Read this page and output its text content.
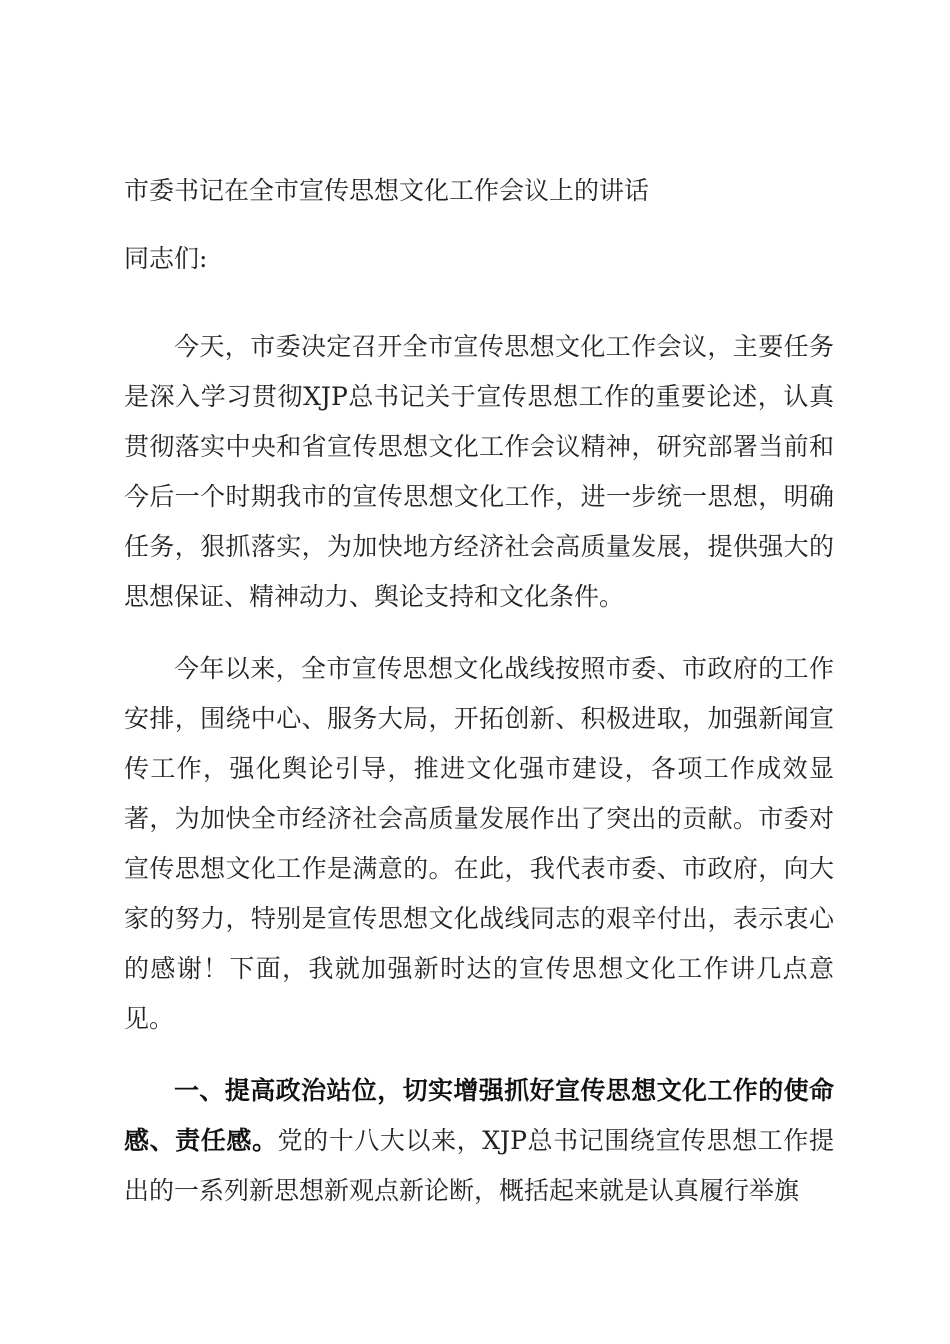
市委书记在全市宣传思想文化工作会议上的讲话

同志们:

今天，市委决定召开全市宣传思想文化工作会议，主要任务是深入学习贯彻XJP总书记关于宣传思想工作的重要论述，认真贯彻落实中央和省宣传思想文化工作会议精神，研究部署当前和今后一个时期我市的宣传思想文化工作，进一步统一思想，明确任务，狠抓落实，为加快地方经济社会高质量发展，提供强大的思想保证、精神动力、舆论支持和文化条件。

今年以来，全市宣传思想文化战线按照市委、市政府的工作安排，围绕中心、服务大局，开拓创新、积极进取，加强新闻宣传工作，强化舆论引导，推进文化强市建设，各项工作成效显著，为加快全市经济社会高质量发展作出了突出的贡献。市委对宣传思想文化工作是满意的。在此，我代表市委、市政府，向大家的努力，特别是宣传思想文化战线同志的艰辛付出，表示衷心的感谢！下面，我就加强新时达的宣传思想文化工作讲几点意见。

一、提高政治站位，切实增强抓好宣传思想文化工作的使命感、责任感。党的十八大以来，XJP总书记围绕宣传思想工作提出的一系列新思想新观点新论断，概括起来就是认真履行举旗
